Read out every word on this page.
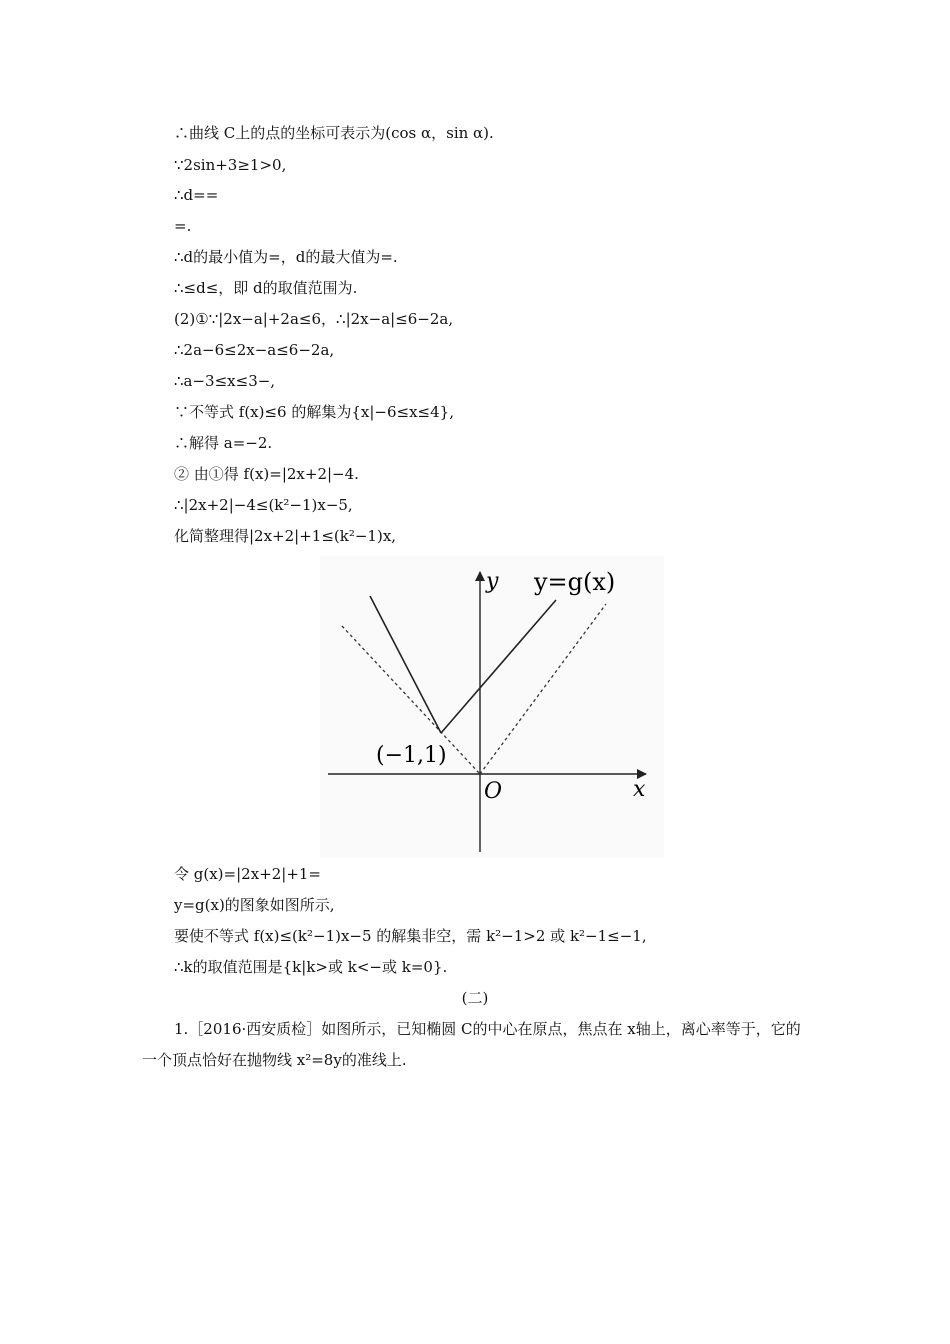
∴曲线 C上的点的坐标可表示为(cos α，sin α).
∵2sin+3≥1>0,
∴d==
=.
∴d的最小值为=，d的最大值为=.
∴≤d≤，即 d的取值范围为.
(2)①∵|2x−a|+2a≤6，∴|2x−a|≤6−2a,
∴2a−6≤2x−a≤6−2a,
∴a−3≤x≤3−,
∵不等式 f(x)≤6 的解集为{x|−6≤x≤4},
∴解得 a=−2.
② 由①得 f(x)=|2x+2|−4.
∴|2x+2|−4≤(k²−1)x−5,
化简整理得|2x+2|+1≤(k²−1)x,
y y=g(x)
(−1,1)
O	x
令 g(x)=|2x+2|+1=
y=g(x)的图象如图所示,
要使不等式 f(x)≤(k²−1)x−5 的解集非空，需 k²−1>2 或 k²−1≤−1,
∴k的取值范围是{k|k>或 k<−或 k=0}.
(二)
1.［2016·西安质检］如图所示，已知椭圆 C的中心在原点，焦点在 x轴上，离心率等于，它的一个顶点恰好在抛物线 x²=8y的准线上.
